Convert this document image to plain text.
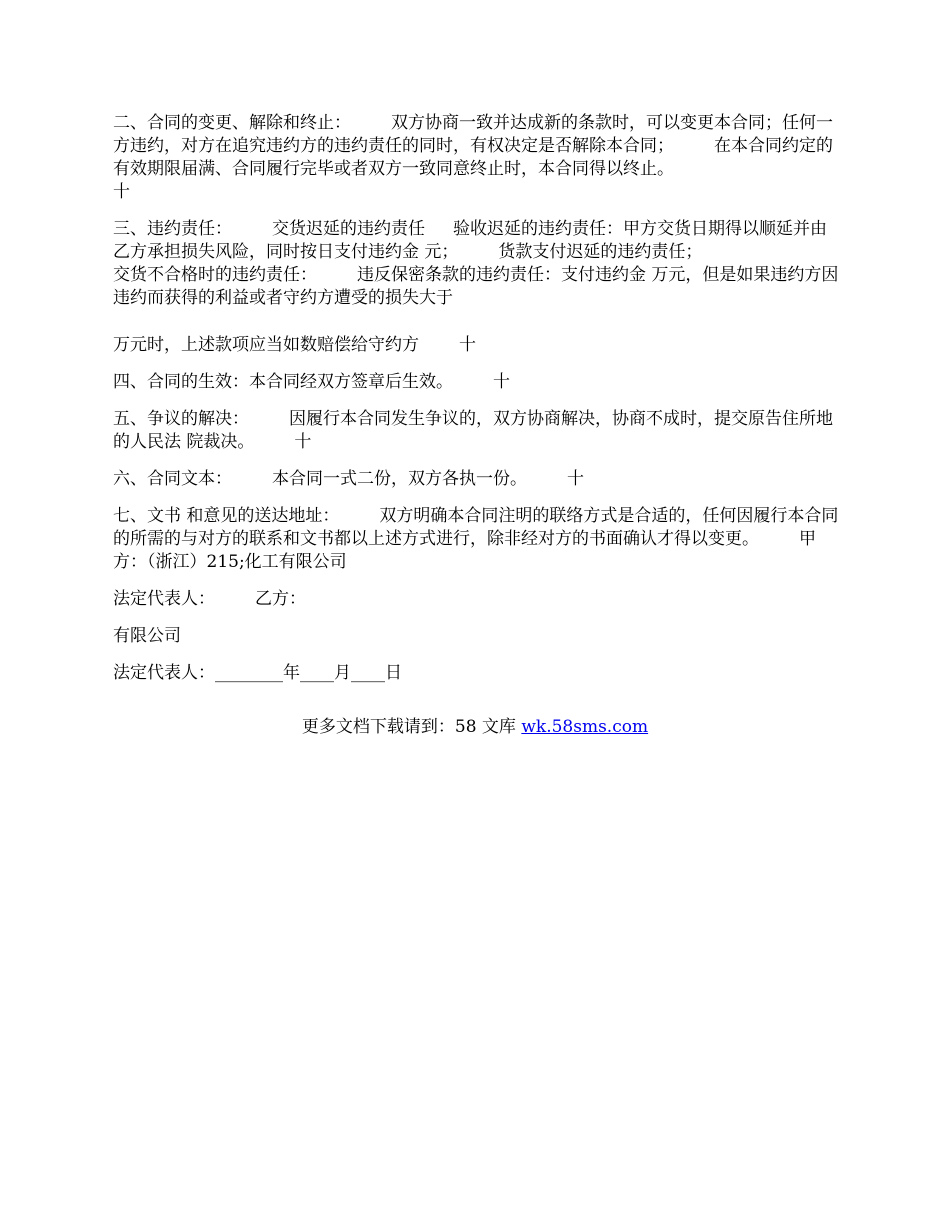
二、合同的变更、解除和终止： 双方协商一致并达成新的条款时，可以变更本合同；任何一方违约，对方在追究违约方的违约责任的同时，有权决定是否解除本合同； 在本合同约定的有效期限届满、合同履行完毕或者双方一致同意终止时，本合同得以终止。
十

三、违约责任： 交货迟延的违约责任 验收迟延的违约责任：甲方交货日期得以顺延并由乙方承担损失风险，同时按日支付违约金 元； 货款支付迟延的违约责任；
交货不合格时的违约责任： 违反保密条款的违约责任：支付违约金 万元，但是如果违约方因违约而获得的利益或者守约方遭受的损失大于

万元时，上述款项应当如数赔偿给守约方 十

四、合同的生效：本合同经双方签章后生效。 十

五、争议的解决： 因履行本合同发生争议的，双方协商解决，协商不成时，提交原告住所地的人民法 院裁决。 十

六、合同文本： 本合同一式二份，双方各执一份。 十

七、文书 和意见的送达地址： 双方明确本合同注明的联络方式是合适的，任何因履行本合同的所需的与对方的联系和文书都以上述方式进行，除非经对方的书面确认才得以变更。 甲方：（浙江）215;化工有限公司

法定代表人： 乙方：

有限公司

法定代表人：________年____月____日

更多文档下载请到：58 文库 wk.58sms.com
